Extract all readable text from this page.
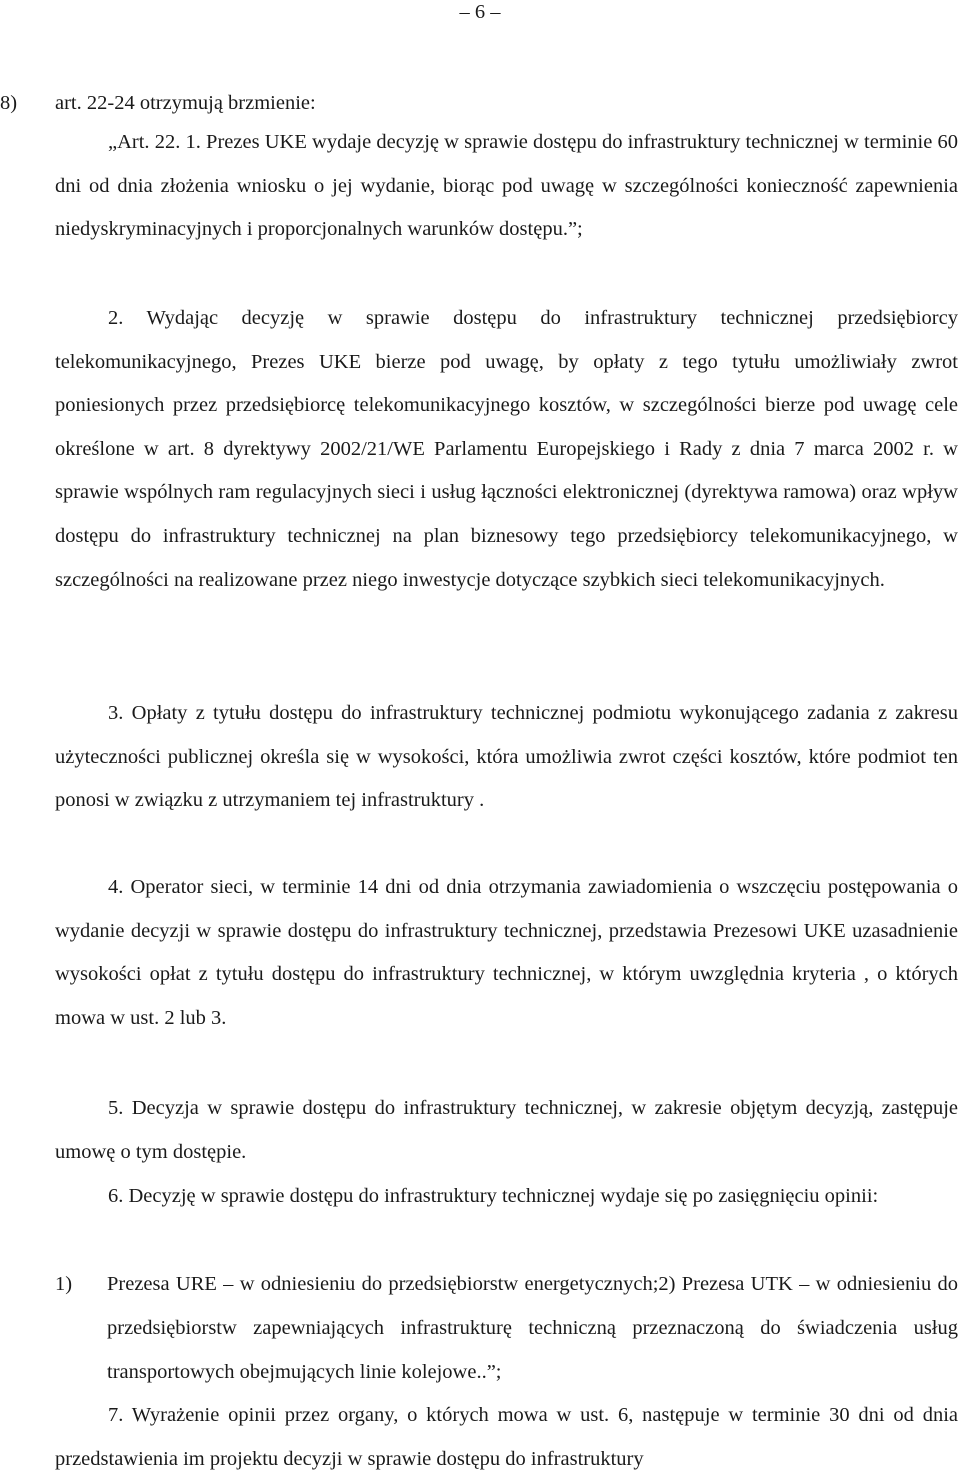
– 6 –
8) art. 22-24 otrzymują brzmienie:

„Art. 22. 1. Prezes UKE wydaje decyzję w sprawie dostępu do infrastruktury technicznej w terminie 60 dni od dnia złożenia wniosku o jej wydanie, biorąc pod uwagę w szczególności konieczność zapewnienia niedyskryminacyjnych i proporcjonalnych warunków dostępu.”;

2. Wydając decyzję w sprawie dostępu do infrastruktury technicznej przedsiębiorcy telekomunikacyjnego, Prezes UKE bierze pod uwagę, by opłaty z tego tytułu umożliwiały zwrot poniesionych przez przedsiębiorcę telekomunikacyjnego kosztów, w szczególności bierze pod uwagę cele określone w art. 8 dyrektywy 2002/21/WE Parlamentu Europejskiego i Rady z dnia 7 marca 2002 r. w sprawie wspólnych ram regulacyjnych sieci i usług łączności elektronicznej (dyrektywa ramowa) oraz wpływ dostępu do infrastruktury technicznej na plan biznesowy tego przedsiębiorcy telekomunikacyjnego, w szczególności na realizowane przez niego inwestycje dotyczące szybkich sieci telekomunikacyjnych.

3. Opłaty z tytułu dostępu do infrastruktury technicznej podmiotu wykonującego zadania z zakresu użyteczności publicznej określa się w wysokości, która umożliwia zwrot części kosztów, które podmiot ten ponosi w związku z utrzymaniem tej infrastruktury .

4. Operator sieci, w terminie 14 dni od dnia otrzymania zawiadomienia o wszczęciu postępowania o wydanie decyzji w sprawie dostępu do infrastruktury technicznej, przedstawia Prezesowi UKE uzasadnienie wysokości opłat z tytułu dostępu do infrastruktury technicznej, w którym uwzględnia kryteria , o których mowa w ust. 2 lub 3.

5. Decyzja w sprawie dostępu do infrastruktury technicznej, w zakresie objętym decyzją, zastępuje umowę o tym dostępie.

6. Decyzję w sprawie dostępu do infrastruktury technicznej wydaje się po zasięgnięciu opinii:

1) Prezesa URE – w odniesieniu do przedsiębiorstw energetycznych;2) Prezesa UTK – w odniesieniu do przedsiębiorstw zapewniających infrastrukturę techniczną przeznaczoną do świadczenia usług transportowych obejmujących linie kolejowe..”;

7. Wyrażenie opinii przez organy, o których mowa w ust. 6, następuje w terminie 30 dni od dnia przedstawienia im projektu decyzji w sprawie dostępu do infrastruktury
